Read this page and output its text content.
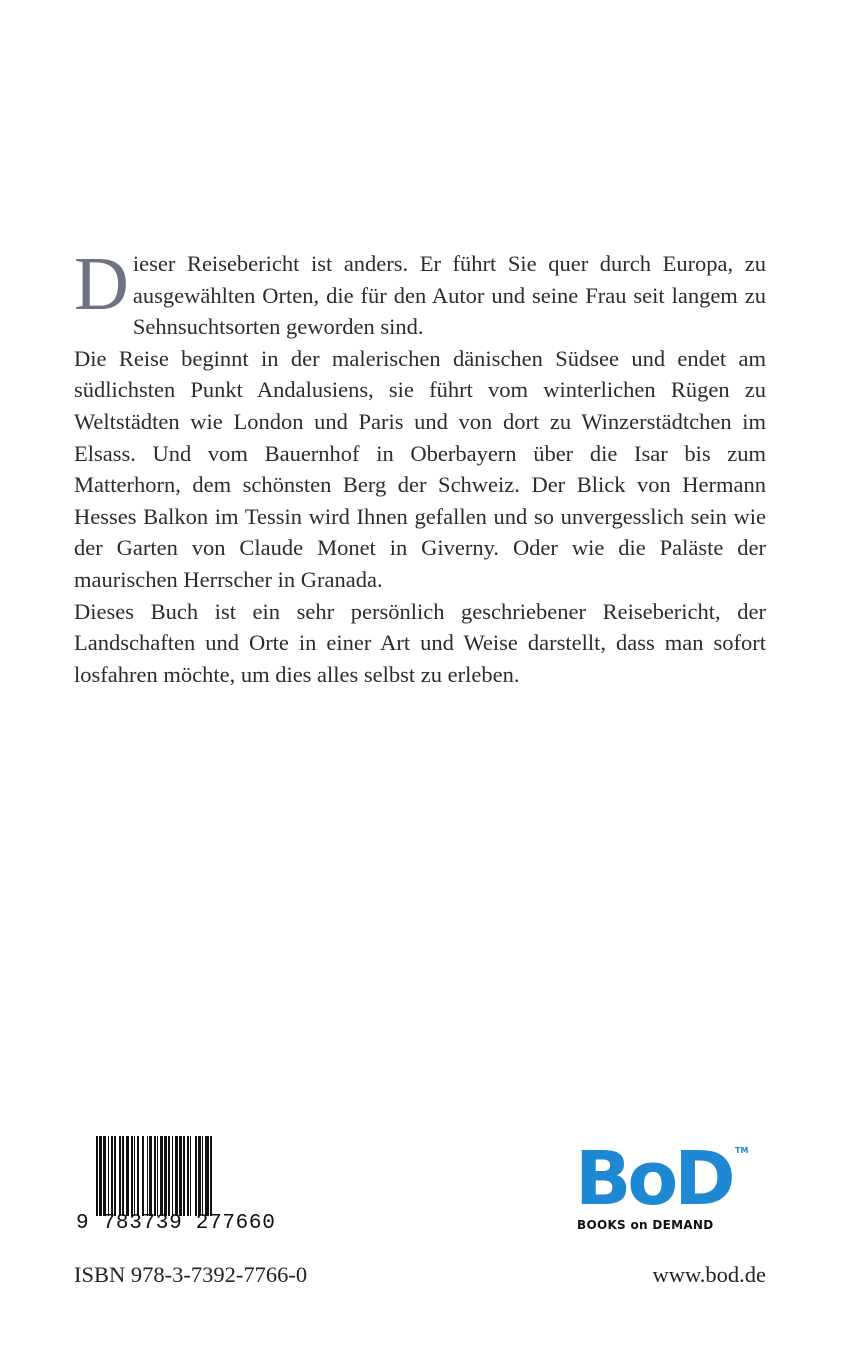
Dieser Reisebericht ist anders. Er führt Sie quer durch Europa, zu ausgewählten Orten, die für den Autor und seine Frau seit langem zu Sehnsuchtsorten geworden sind.

Die Reise beginnt in der malerischen dänischen Südsee und endet am südlichsten Punkt Andalusiens, sie führt vom winterlichen Rügen zu Weltstädten wie London und Paris und von dort zu Winzerstädtchen im Elsass. Und vom Bauernhof in Oberbayern über die Isar bis zum Matterhorn, dem schönsten Berg der Schweiz. Der Blick von Hermann Hesses Balkon im Tessin wird Ihnen gefallen und so unvergesslich sein wie der Garten von Claude Monet in Giverny. Oder wie die Paläste der maurischen Herrscher in Granada.

Dieses Buch ist ein sehr persönlich geschriebener Reisebericht, der Landschaften und Orte in einer Art und Weise darstellt, dass man sofort losfahren möchte, um dies alles selbst zu erleben.

9 783739 277660
ISBN 978-3-7392-7766-0
BoD TM
BOOKS on DEMAND
www.bod.de
